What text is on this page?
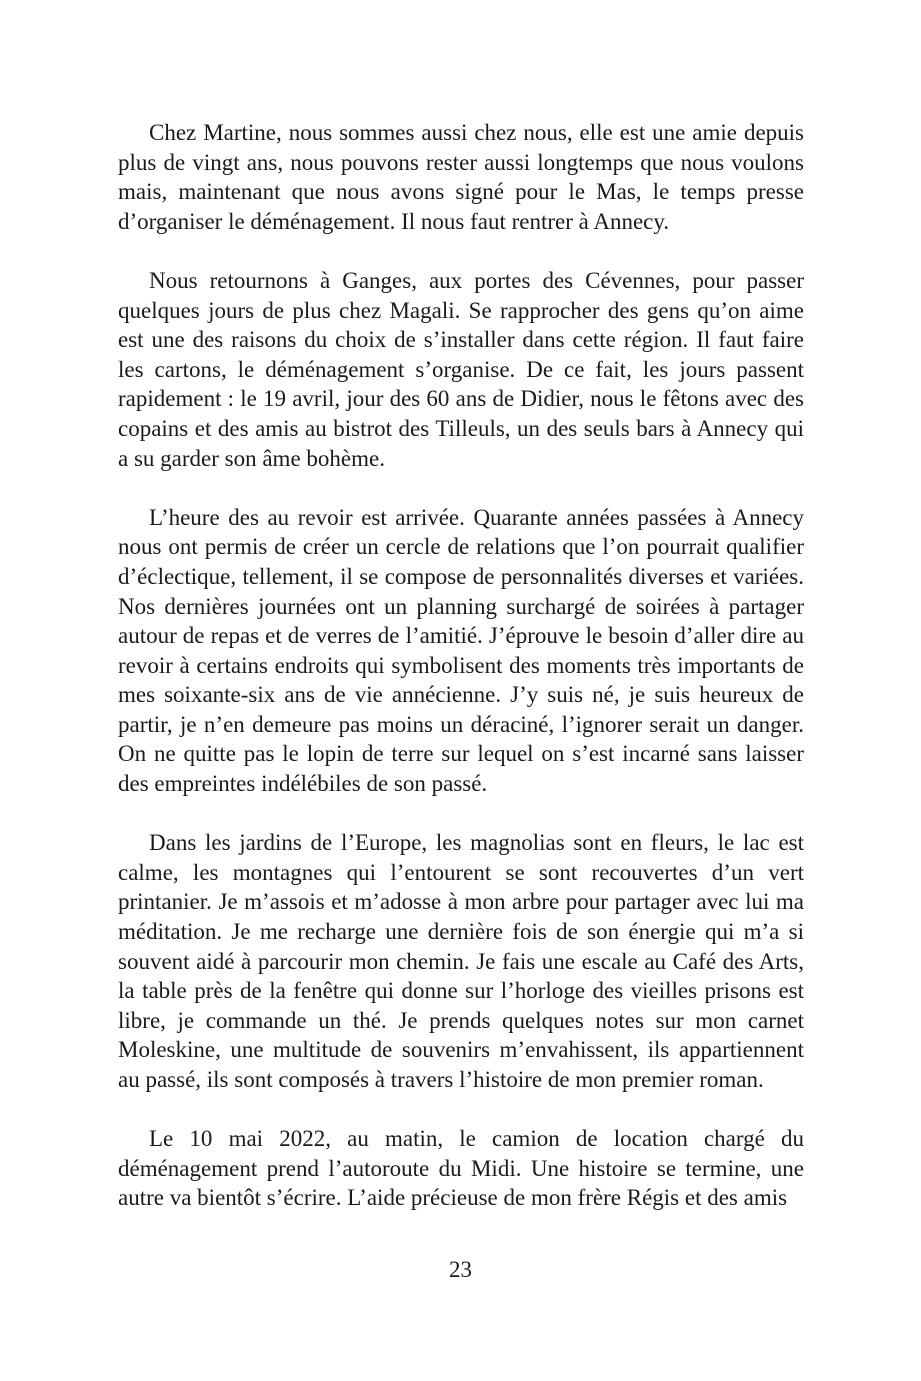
Chez Martine, nous sommes aussi chez nous, elle est une amie depuis plus de vingt ans, nous pouvons rester aussi longtemps que nous voulons mais, maintenant que nous avons signé pour le Mas, le temps presse d’organiser le déménagement. Il nous faut rentrer à Annecy.

Nous retournons à Ganges, aux portes des Cévennes, pour passer quelques jours de plus chez Magali. Se rapprocher des gens qu’on aime est une des raisons du choix de s’installer dans cette région. Il faut faire les cartons, le déménagement s’organise. De ce fait, les jours passent rapidement : le 19 avril, jour des 60 ans de Didier, nous le fêtons avec des copains et des amis au bistrot des Tilleuls, un des seuls bars à Annecy qui a su garder son âme bohème.

L’heure des au revoir est arrivée. Quarante années passées à Annecy nous ont permis de créer un cercle de relations que l’on pourrait qualifier d’éclectique, tellement, il se compose de personnalités diverses et variées. Nos dernières journées ont un planning surchargé de soirées à partager autour de repas et de verres de l’amitié. J’éprouve le besoin d’aller dire au revoir à certains endroits qui symbolisent des moments très importants de mes soixante-six ans de vie annécienne. J’y suis né, je suis heureux de partir, je n’en demeure pas moins un déraciné, l’ignorer serait un danger. On ne quitte pas le lopin de terre sur lequel on s’est incarné sans laisser des empreintes indélébiles de son passé.

Dans les jardins de l’Europe, les magnolias sont en fleurs, le lac est calme, les montagnes qui l’entourent se sont recouvertes d’un vert printanier. Je m’assois et m’adosse à mon arbre pour partager avec lui ma méditation. Je me recharge une dernière fois de son énergie qui m’a si souvent aidé à parcourir mon chemin. Je fais une escale au Café des Arts, la table près de la fenêtre qui donne sur l’horloge des vieilles prisons est libre, je commande un thé. Je prends quelques notes sur mon carnet Moleskine, une multitude de souvenirs m’envahissent, ils appartiennent au passé, ils sont composés à travers l’histoire de mon premier roman.

Le 10 mai 2022, au matin, le camion de location chargé du déménagement prend l’autoroute du Midi. Une histoire se termine, une autre va bientôt s’écrire. L’aide précieuse de mon frère Régis et des amis

23
